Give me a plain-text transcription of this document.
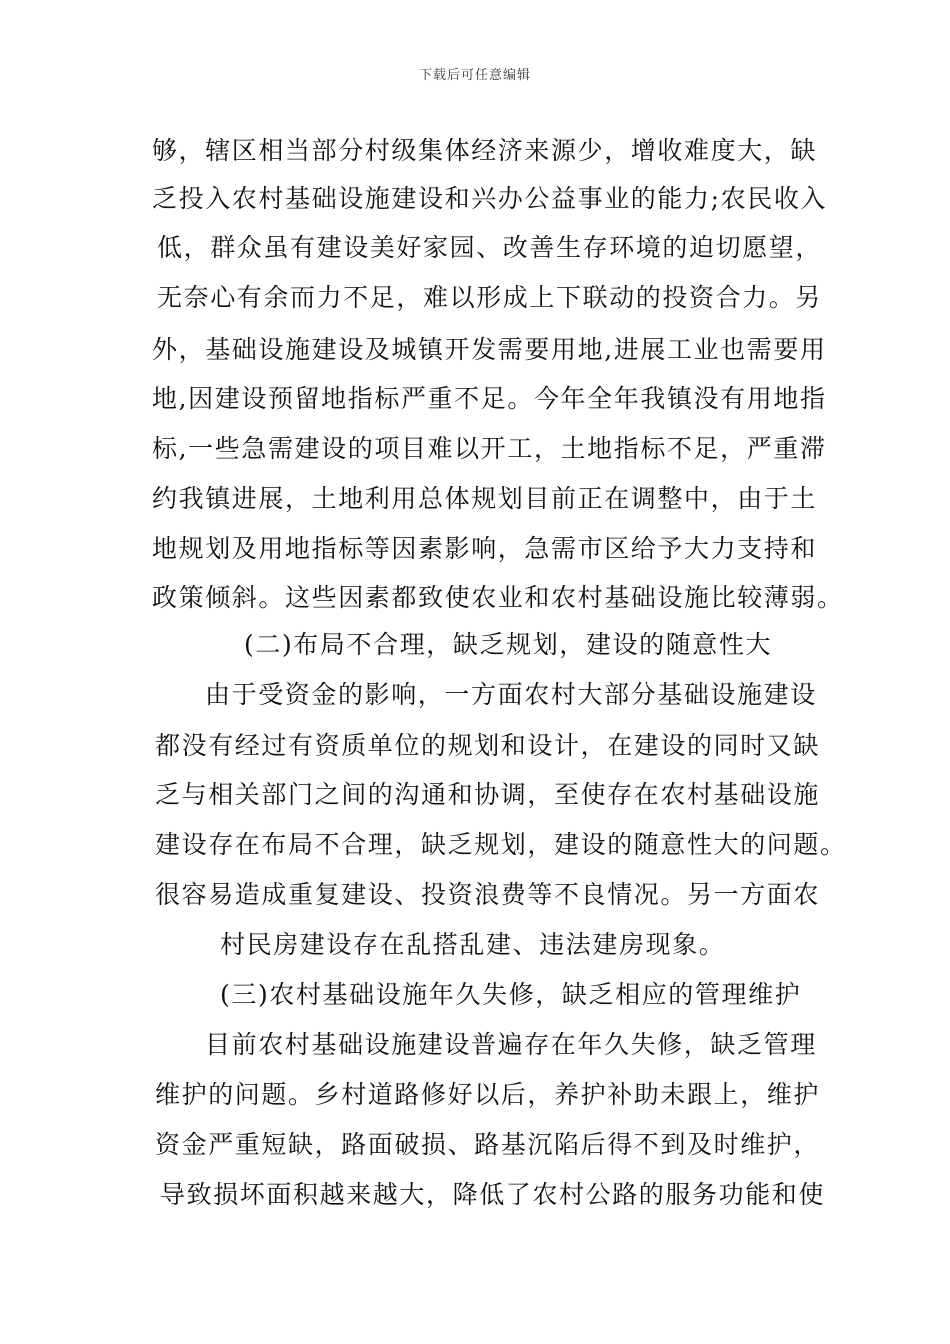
下载后可任意编辑
够，辖区相当部分村级集体经济来源少，增收难度大，缺
乏投入农村基础设施建设和兴办公益事业的能力;农民收入
低，群众虽有建设美好家园、改善生存环境的迫切愿望，
无奈心有余而力不足，难以形成上下联动的投资合力。另
外，基础设施建设及城镇开发需要用地,进展工业也需要用
地,因建设预留地指标严重不足。今年全年我镇没有用地指
标,一些急需建设的项目难以开工，土地指标不足，严重滞
约我镇进展，土地利用总体规划目前正在调整中，由于土
地规划及用地指标等因素影响，急需市区给予大力支持和
政策倾斜。这些因素都致使农业和农村基础设施比较薄弱。
(二)布局不合理，缺乏规划，建设的随意性大
由于受资金的影响，一方面农村大部分基础设施建设
都没有经过有资质单位的规划和设计，在建设的同时又缺
乏与相关部门之间的沟通和协调，至使存在农村基础设施
建设存在布局不合理，缺乏规划，建设的随意性大的问题。
很容易造成重复建设、投资浪费等不良情况。另一方面农
村民房建设存在乱搭乱建、违法建房现象。
(三)农村基础设施年久失修，缺乏相应的管理维护
目前农村基础设施建设普遍存在年久失修，缺乏管理
维护的问题。乡村道路修好以后，养护补助未跟上，维护
资金严重短缺，路面破损、路基沉陷后得不到及时维护，
导致损坏面积越来越大，降低了农村公路的服务功能和使
